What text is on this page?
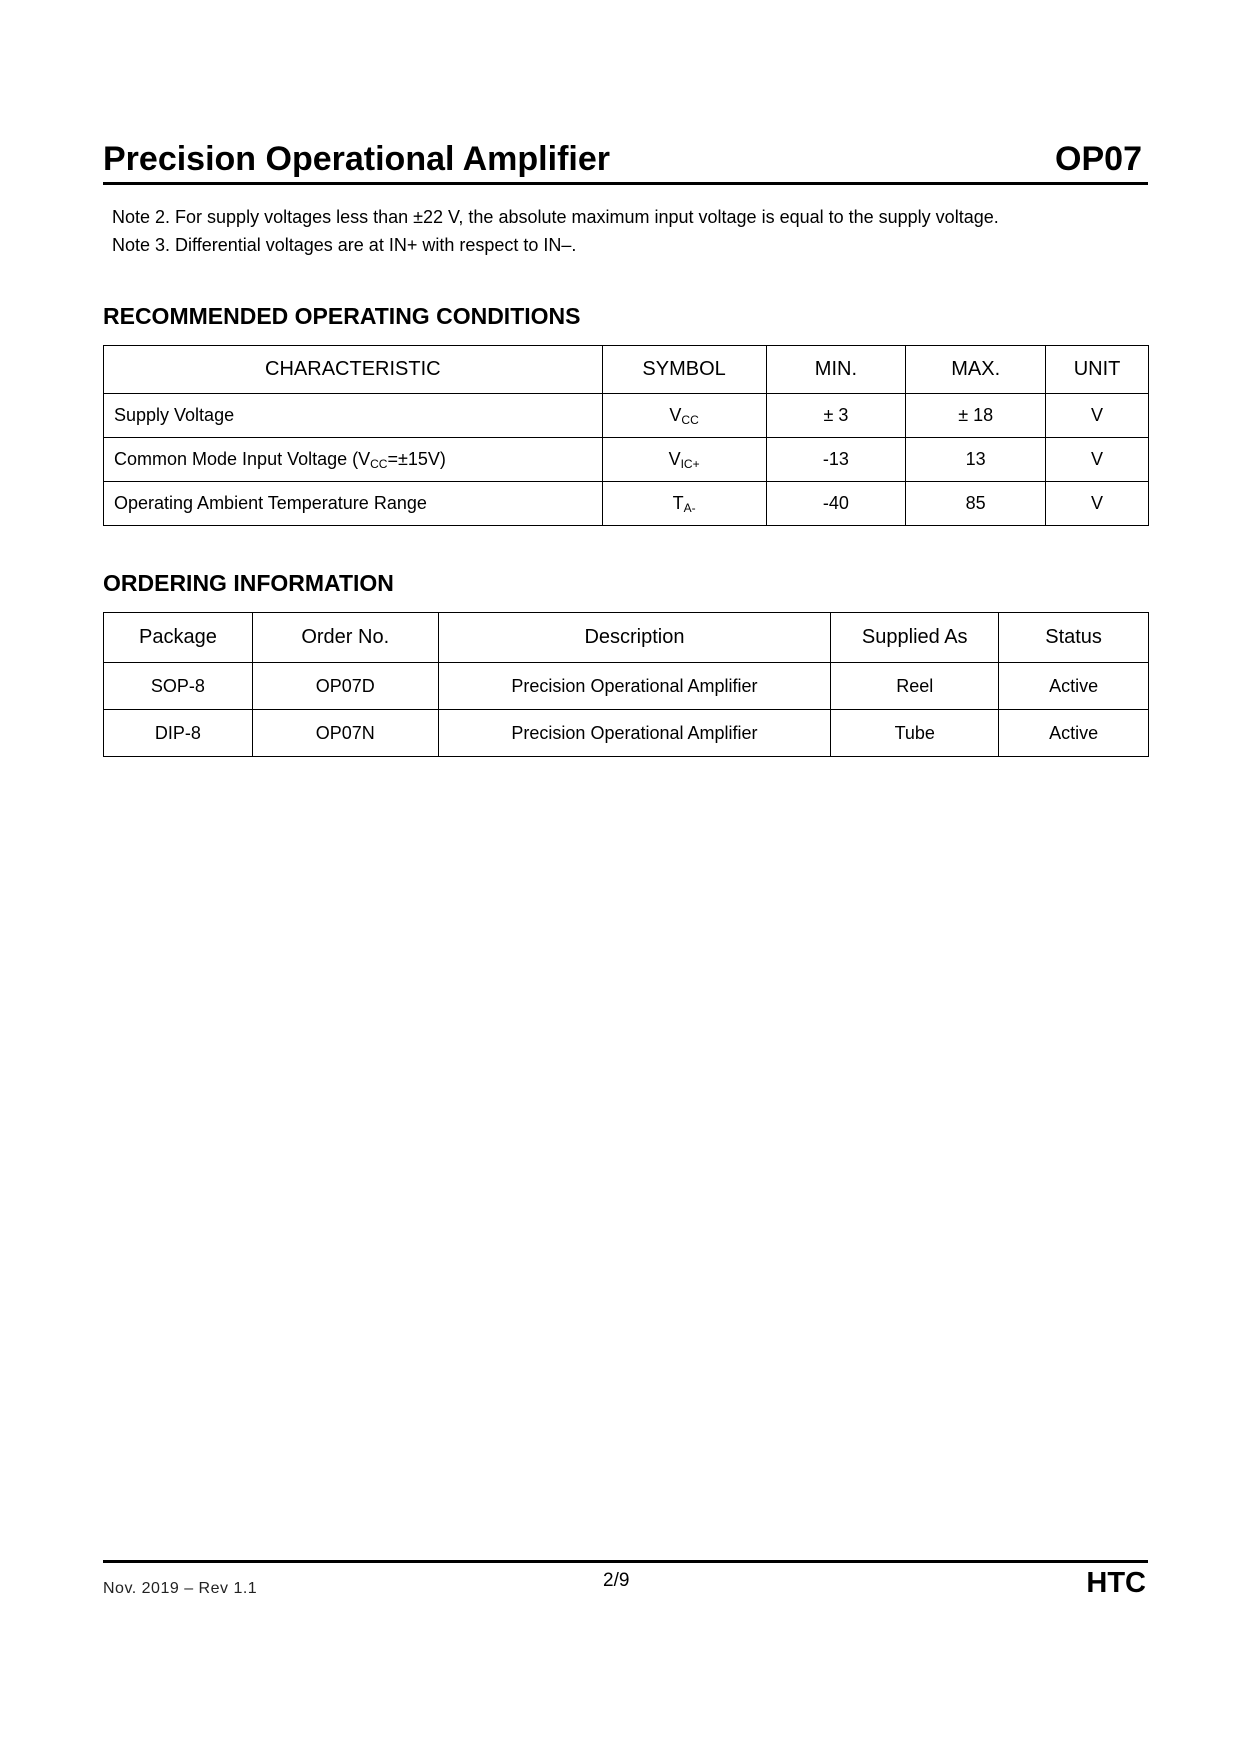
Precision Operational Amplifier	OP07
Note 2. For supply voltages less than ±22 V, the absolute maximum input voltage is equal to the supply voltage.
Note 3. Differential voltages are at IN+ with respect to IN–.
RECOMMENDED OPERATING CONDITIONS
CHARACTERISTIC	SYMBOL	MIN.	MAX.	UNIT
Supply Voltage	$V_{CC}$	± 3	± 18	V
Common Mode Input Voltage $(V_{CC}=\pm 15V)$	$V_{IC+}$	-13	13	V
Operating Ambient Temperature Range	$T_{A-}$	-40	85	V
ORDERING INFORMATION
Package	Order No.	Description	Supplied As	Status
SOP-8	OP07D	Precision Operational Amplifier	Reel	Active
DIP-8	OP07N	Precision Operational Amplifier	Tube	Active
Nov. 2019 – Rev 1.1	2/9	HTC
